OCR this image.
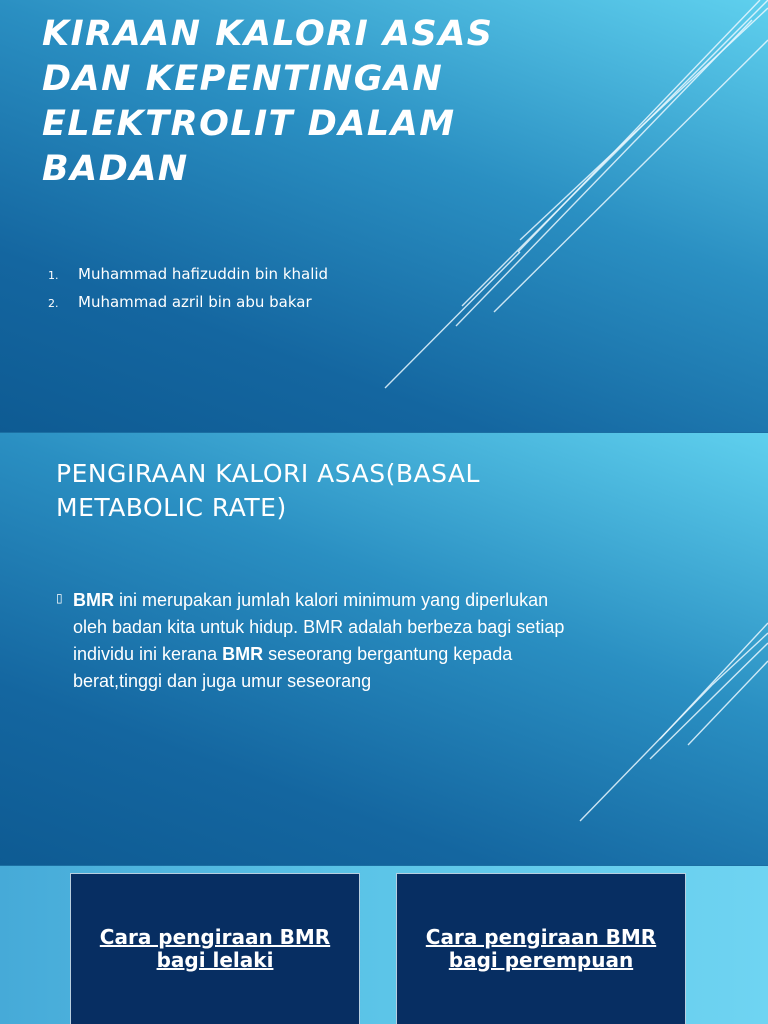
KIRAAN KALORI ASAS DAN KEPENTINGAN ELEKTROLIT DALAM BADAN
1.	Muhammad hafizuddin bin khalid
2.	Muhammad azril bin abu bakar
PENGIRAAN KALORI ASAS(BASAL METABOLIC RATE)
▯ BMR ini merupakan jumlah kalori minimum yang diperlukan oleh badan kita untuk hidup. BMR adalah berbeza bagi setiap individu ini kerana BMR seseorang bergantung kepada berat,tinggi dan juga umur seseorang
Cara pengiraan BMR bagi lelaki
Cara pengiraan BMR bagi perempuan
